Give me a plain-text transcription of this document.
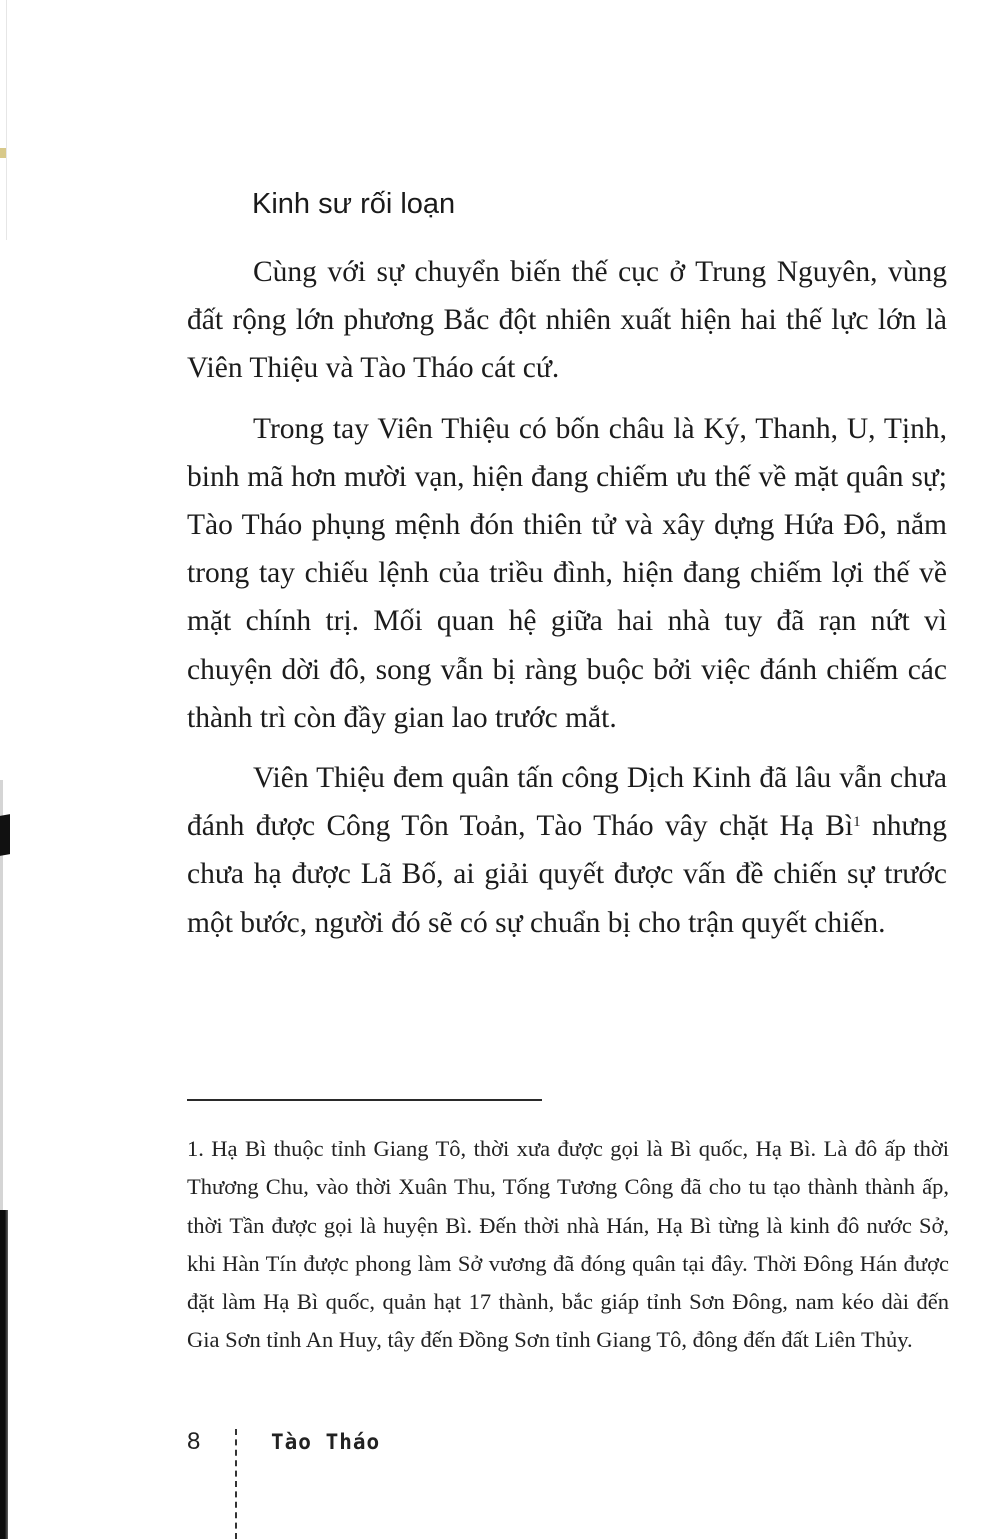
Kinh sư rối loạn

Cùng với sự chuyển biến thế cục ở Trung Nguyên, vùng đất rộng lớn phương Bắc đột nhiên xuất hiện hai thế lực lớn là Viên Thiệu và Tào Tháo cát cứ.

Trong tay Viên Thiệu có bốn châu là Ký, Thanh, U, Tịnh, binh mã hơn mười vạn, hiện đang chiếm ưu thế về mặt quân sự; Tào Tháo phụng mệnh đón thiên tử và xây dựng Hứa Đô, nắm trong tay chiếu lệnh của triều đình, hiện đang chiếm lợi thế về mặt chính trị. Mối quan hệ giữa hai nhà tuy đã rạn nứt vì chuyện dời đô, song vẫn bị ràng buộc bởi việc đánh chiếm các thành trì còn đầy gian lao trước mắt.

Viên Thiệu đem quân tấn công Dịch Kinh đã lâu vẫn chưa đánh được Công Tôn Toản, Tào Tháo vây chặt Hạ Bì$^1$ nhưng chưa hạ được Lã Bố, ai giải quyết được vấn đề chiến sự trước một bước, người đó sẽ có sự chuẩn bị cho trận quyết chiến.

1. Hạ Bì thuộc tỉnh Giang Tô, thời xưa được gọi là Bì quốc, Hạ Bì. Là đô ấp thời Thương Chu, vào thời Xuân Thu, Tống Tương Công đã cho tu tạo thành thành ấp, thời Tần được gọi là huyện Bì. Đến thời nhà Hán, Hạ Bì từng là kinh đô nước Sở, khi Hàn Tín được phong làm Sở vương đã đóng quân tại đây. Thời Đông Hán được đặt làm Hạ Bì quốc, quản hạt 17 thành, bắc giáp tỉnh Sơn Đông, nam kéo dài đến Gia Sơn tỉnh An Huy, tây đến Đồng Sơn tỉnh Giang Tô, đông đến đất Liên Thủy.

8	Tào Tháo
